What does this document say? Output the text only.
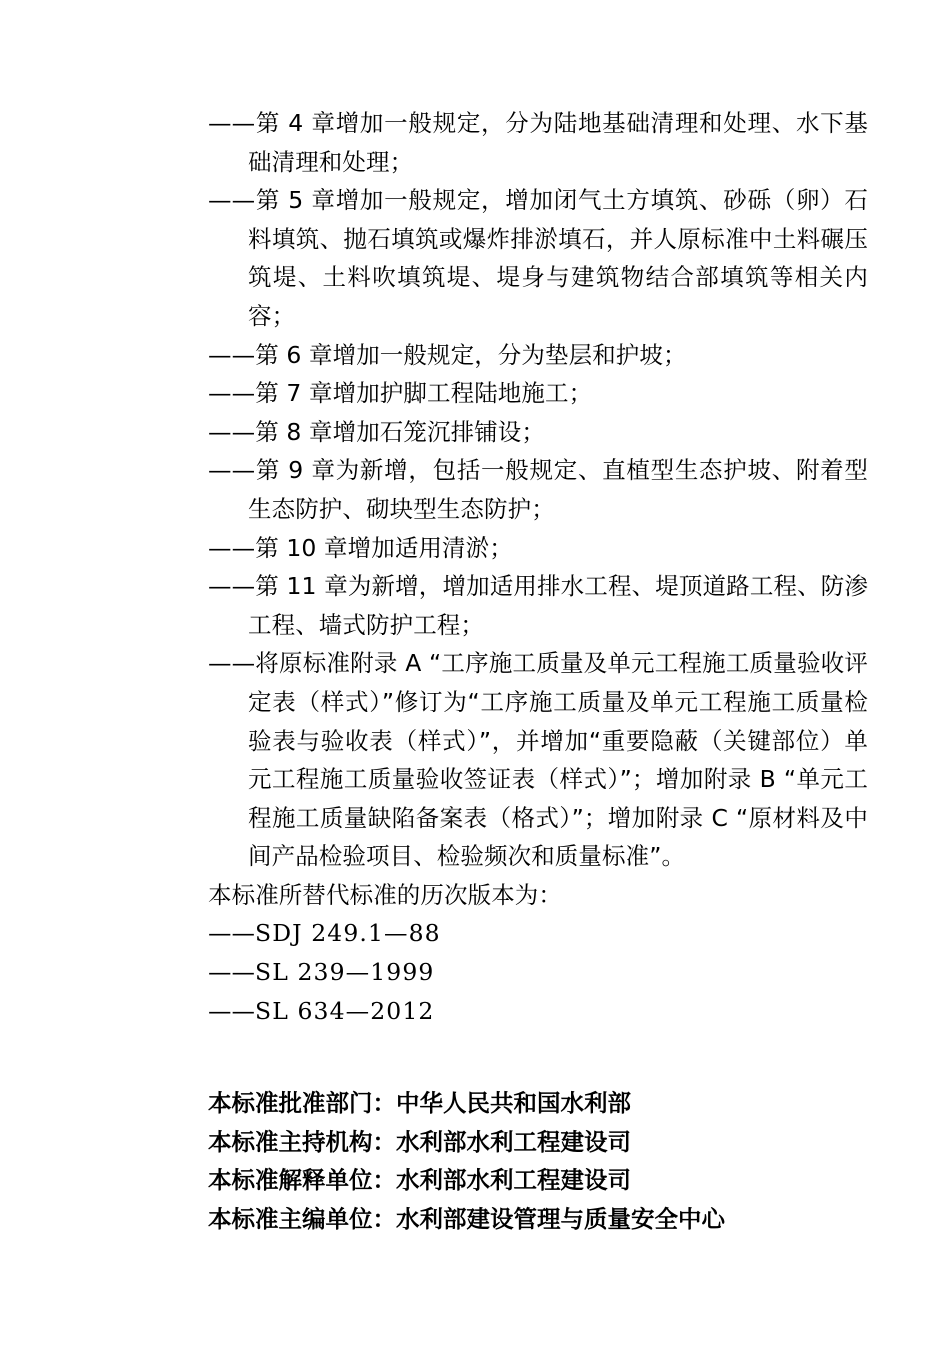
——第 4 章增加一般规定，分为陆地基础清理和处理、水下基础清理和处理；

——第 5 章增加一般规定，增加闭气土方填筑、砂砾（卵）石料填筑、抛石填筑或爆炸排淤填石，并人原标准中土料碾压筑堤、土料吹填筑堤、堤身与建筑物结合部填筑等相关内容；

——第 6 章增加一般规定，分为垫层和护坡；

——第 7 章增加护脚工程陆地施工；

——第 8 章增加石笼沉排铺设；

——第 9 章为新增，包括一般规定、直植型生态护坡、附着型生态防护、砌块型生态防护；

——第 10 章增加适用清淤；

——第 11 章为新增，增加适用排水工程、堤顶道路工程、防渗工程、墙式防护工程；

——将原标准附录 A “工序施工质量及单元工程施工质量验收评定表（样式）”修订为“工序施工质量及单元工程施工质量检验表与验收表（样式）”，并增加“重要隐蔽（关键部位）单元工程施工质量验收签证表（样式）”；增加附录 B “单元工程施工质量缺陷备案表（格式）”；增加附录 C “原材料及中间产品检验项目、检验频次和质量标准”。

本标准所替代标准的历次版本为：

——SDJ 249.1—88

——SL 239—1999

——SL 634—2012

本标准批准部门：中华人民共和国水利部

本标准主持机构：水利部水利工程建设司

本标准解释单位：水利部水利工程建设司

本标准主编单位：水利部建设管理与质量安全中心
